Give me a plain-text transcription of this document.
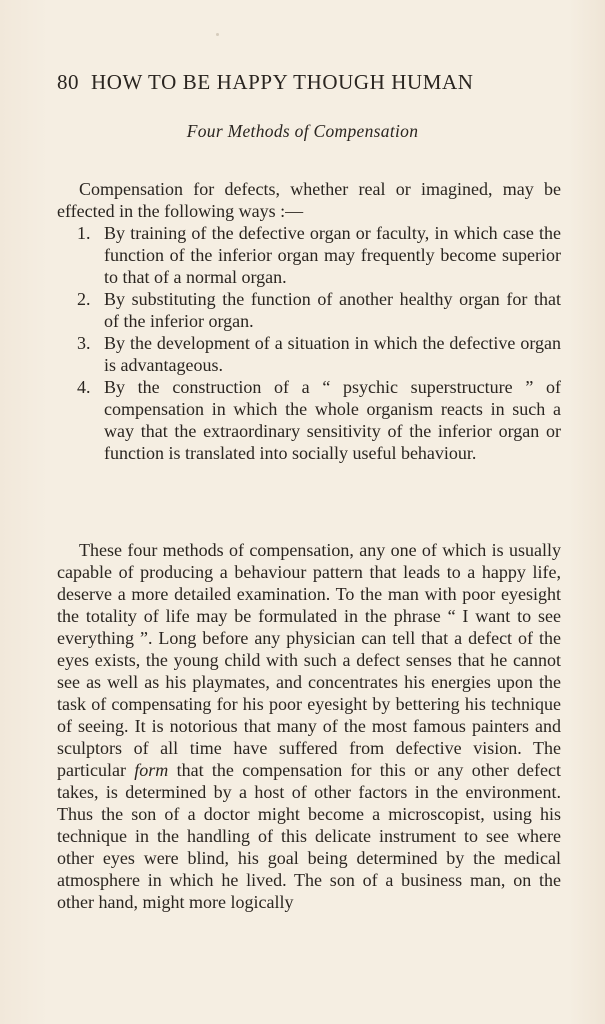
80 HOW TO BE HAPPY THOUGH HUMAN
Four Methods of Compensation

Compensation for defects, whether real or imagined, may be effected in the following ways :—

1. By training of the defective organ or faculty, in which case the function of the inferior organ may frequently become superior to that of a normal organ.
2. By substituting the function of another healthy organ for that of the inferior organ.
3. By the development of a situation in which the defective organ is advantageous.
4. By the construction of a “ psychic superstructure ” of compensation in which the whole organism reacts in such a way that the extraordinary sensitivity of the inferior organ or function is translated into socially useful behaviour.

These four methods of compensation, any one of which is usually capable of producing a behaviour pattern that leads to a happy life, deserve a more detailed examination. To the man with poor eyesight the totality of life may be formulated in the phrase “ I want to see everything ”. Long before any physician can tell that a defect of the eyes exists, the young child with such a defect senses that he cannot see as well as his playmates, and concentrates his energies upon the task of compensating for his poor eyesight by bettering his technique of seeing. It is notorious that many of the most famous painters and sculptors of all time have suffered from defective vision. The particular form that the compensation for this or any other defect takes, is determined by a host of other factors in the environment. Thus the son of a doctor might become a microscopist, using his technique in the handling of this delicate instrument to see where other eyes were blind, his goal being determined by the medical atmosphere in which he lived. The son of a business man, on the other hand, might more logically
